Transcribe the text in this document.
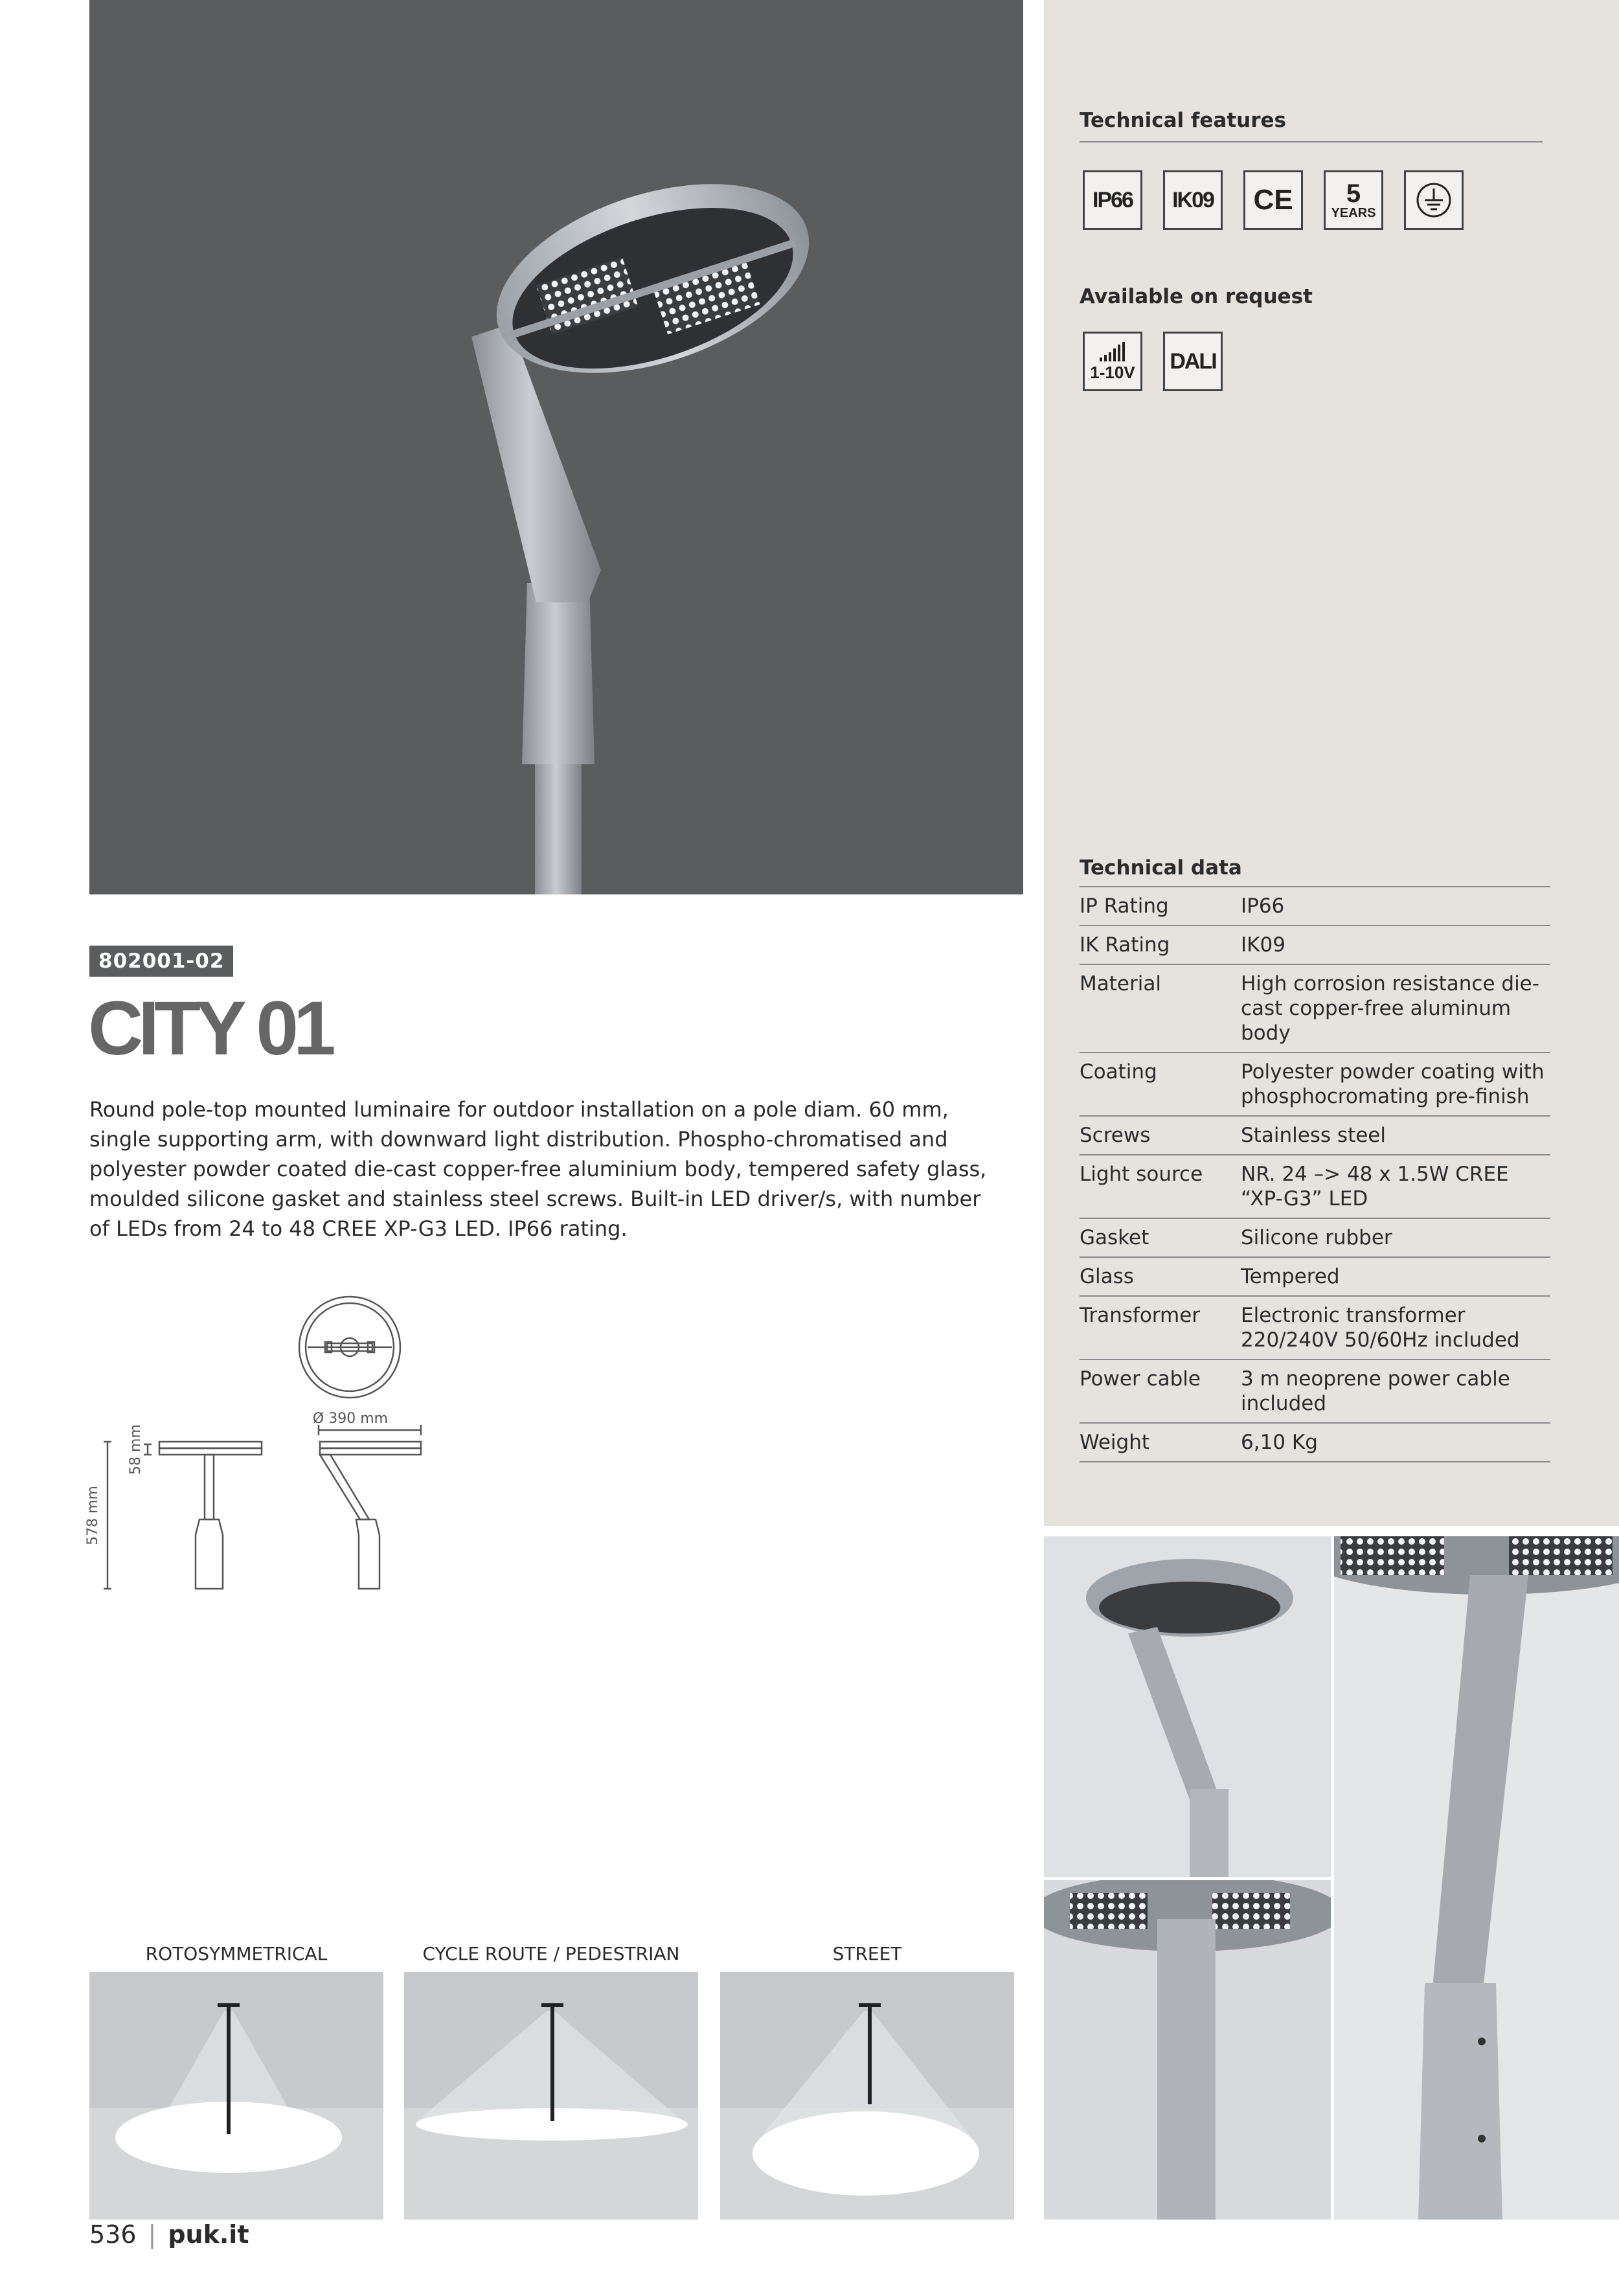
Technical features
IP66 IK09 CE 5
YEARS
Available on request
1-10V DALI
Technical data
IP Rating	IP66
IK Rating	IK09
Material	High corrosion resistance die-cast copper-free aluminum body
Coating	Polyester powder coating with phosphocromating pre-finish
Screws	Stainless steel
Light source	NR. 24 –> 48 x 1.5W CREE “XP-G3” LED
Gasket	Silicone rubber
Glass	Tempered
Transformer	Electronic transformer 220/240V 50/60Hz included
Power cable	3 m neoprene power cable included
Weight	6,10 Kg
802001-02
CITY 01
Round pole-top mounted luminaire for outdoor installation on a pole diam. 60 mm, single supporting arm, with downward light distribution. Phospho-chromatised and polyester powder coated die-cast copper-free aluminium body, tempered safety glass, moulded silicone gasket and stainless steel screws. Built-in LED driver/s, with number of LEDs from 24 to 48 CREE XP-G3 LED. IP66 rating.
Ø 390 mm
58 mm
578 mm
ROTOSYMMETRICAL	CYCLE ROUTE / PEDESTRIAN	STREET
536 | puk.it
